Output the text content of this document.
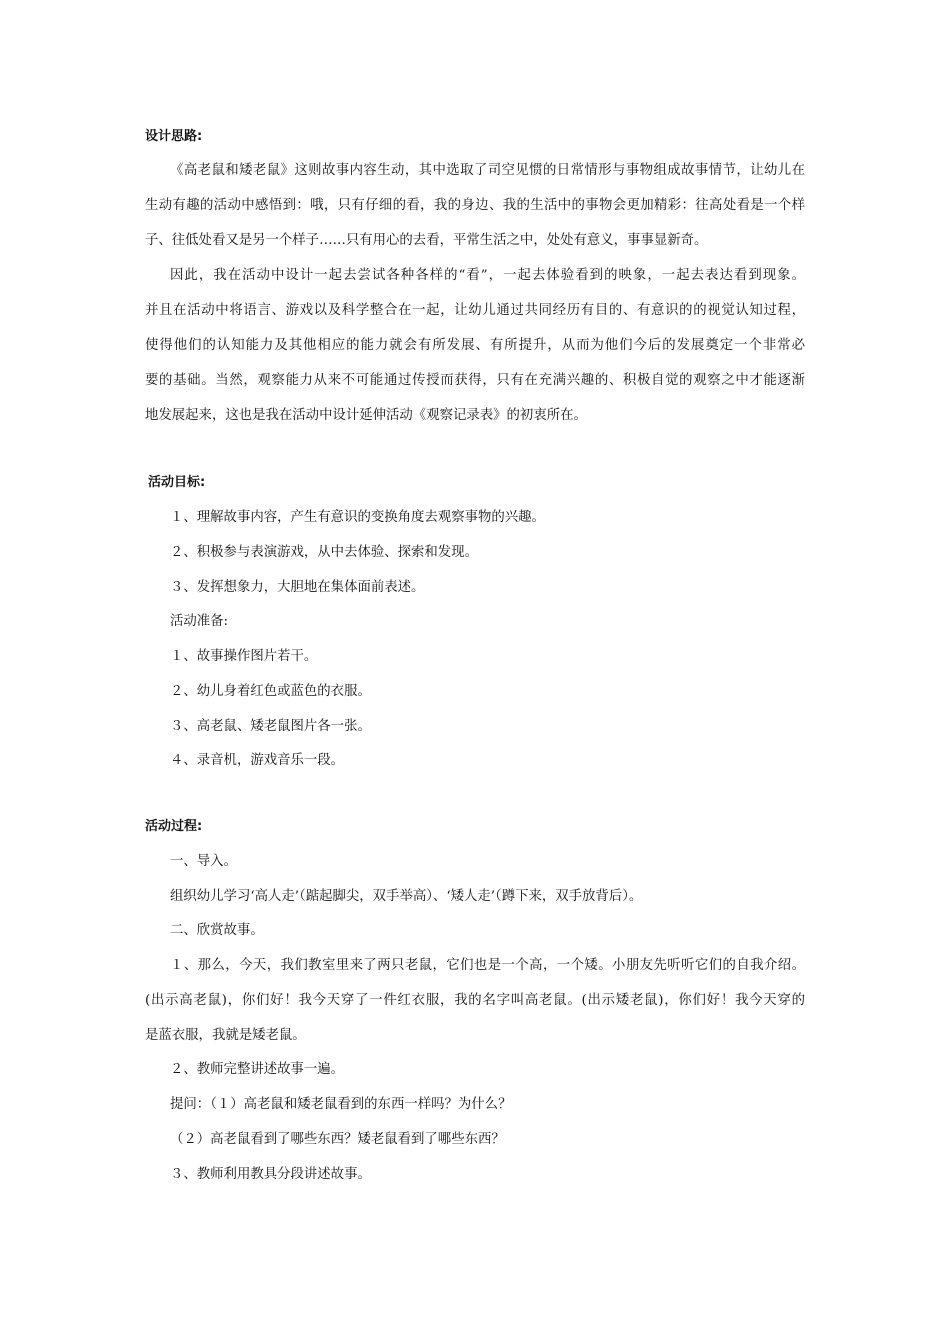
设计思路:
《高老鼠和矮老鼠》这则故事内容生动，其中选取了司空见惯的日常情形与事物组成故事情节，让幼儿在
生动有趣的活动中感悟到：哦，只有仔细的看，我的身边、我的生活中的事物会更加精彩：往高处看是一个样
子、往低处看又是另一个样子……只有用心的去看，平常生活之中，处处有意义，事事显新奇。
因此，我在活动中设计一起去尝试各种各样的“看”，一起去体验看到的映象，一起去表达看到现象。
并且在活动中将语言、游戏以及科学整合在一起，让幼儿通过共同经历有目的、有意识的的视觉认知过程，
使得他们的认知能力及其他相应的能力就会有所发展、有所提升，从而为他们今后的发展奠定一个非常必
要的基础。当然，观察能力从来不可能通过传授而获得，只有在充满兴趣的、积极自觉的观察之中才能逐渐
地发展起来，这也是我在活动中设计延伸活动《观察记录表》的初衷所在。
活动目标:
１、理解故事内容，产生有意识的变换角度去观察事物的兴趣。
２、积极参与表演游戏，从中去体验、探索和发现。
３、发挥想象力，大胆地在集体面前表述。
活动准备:
１、故事操作图片若干。
２、幼儿身着红色或蓝色的衣服。
３、高老鼠、矮老鼠图片各一张。
４、录音机，游戏音乐一段。
活动过程:
一、导入。
组织幼儿学习‘高人走’（踮起脚尖，双手举高）、‘矮人走’（蹲下来，双手放背后）。
二、欣赏故事。
１、那么，今天，我们教室里来了两只老鼠，它们也是一个高，一个矮。小朋友先听听它们的自我介绍。
(出示高老鼠)，你们好！我今天穿了一件红衣服，我的名字叫高老鼠。(出示矮老鼠)，你们好！我今天穿的
是蓝衣服，我就是矮老鼠。
２、教师完整讲述故事一遍。
提问：（１）高老鼠和矮老鼠看到的东西一样吗？为什么？
（２）高老鼠看到了哪些东西？矮老鼠看到了哪些东西？
３、教师利用教具分段讲述故事。
